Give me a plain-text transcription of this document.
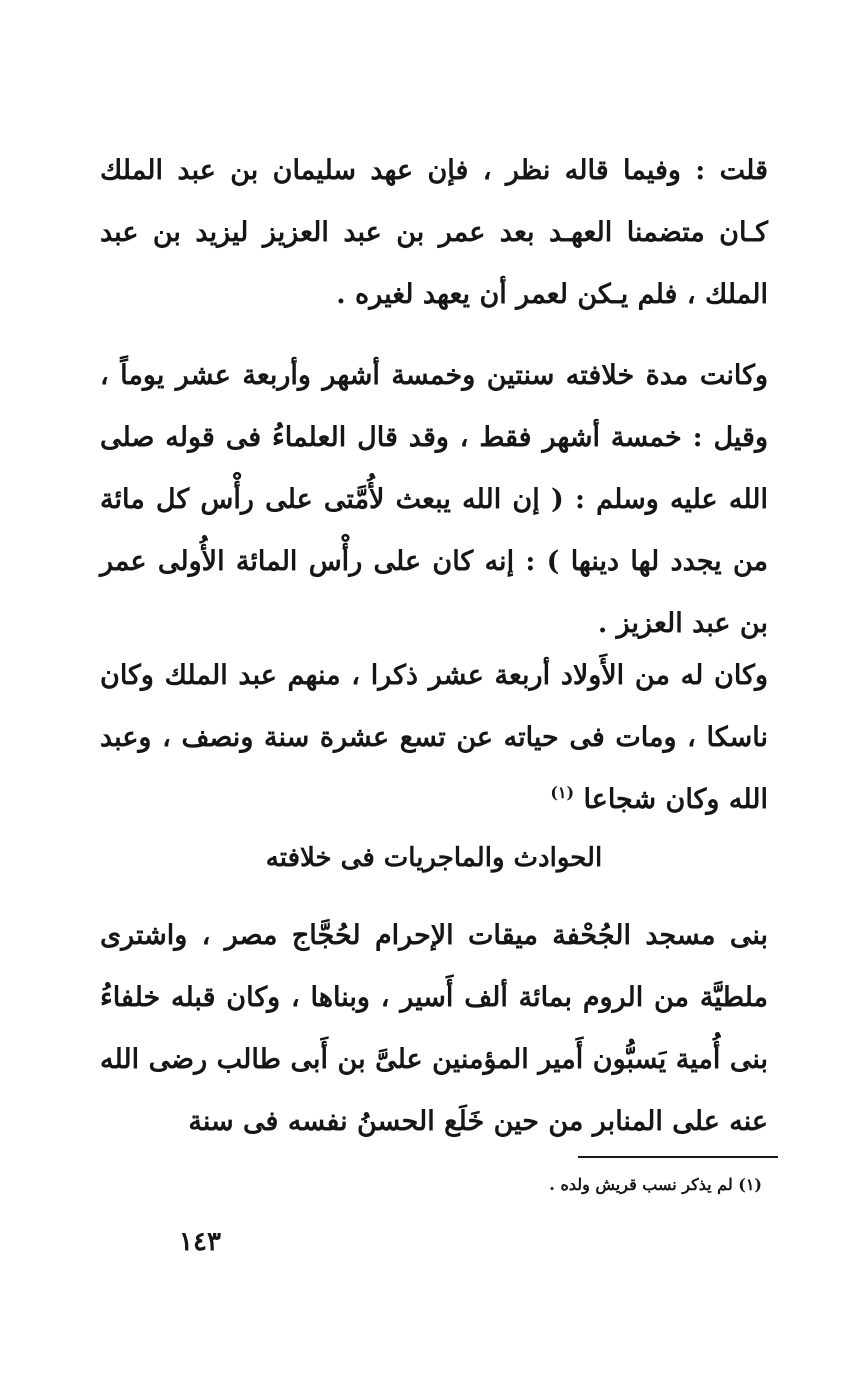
قلت : وفيما قاله نظر ، فإن عهد سليمان بن عبد الملك كـان متضمنا العهـد بعد عمر بن عبد العزيز ليزيد بن عبد الملك ، فلم يـكن لعمر أن يعهد لغيره .

وكانت مدة خلافته سنتين وخمسة أشهر وأربعة عشر يوماً ، وقيل : خمسة أشهر فقط ، وقد قال العلماءُ فى قوله صلى الله عليه وسلم : ( إن الله يبعث لأُمَّتى على رأْس كل مائة من يجدد لها دينها ) : إنه كان على رأْس المائة الأُولى عمر بن عبد العزيز .

وكان له من الأَولاد أربعة عشر ذكرا ، منهم عبد الملك وكان ناسكا ، ومات فى حياته عن تسع عشرة سنة ونصف ، وعبد الله وكان شجاعا $^{(١)}$

الحوادث والماجريات فى خلافته

بنى مسجد الجُحْفة ميقات الإحرام لحُجَّاج مصر ، واشترى ملطيَّة من الروم بمائة ألف أَسير ، وبناها ، وكان قبله خلفاءُ بنى أُمية يَسبُّون أَمير المؤمنين علىَّ بن أَبى طالب رضى الله عنه على المنابر من حين خَلَع الحسنُ نفسه فى سنة

(١) لم يذكر نسب قريش ولده .
١٤٣
